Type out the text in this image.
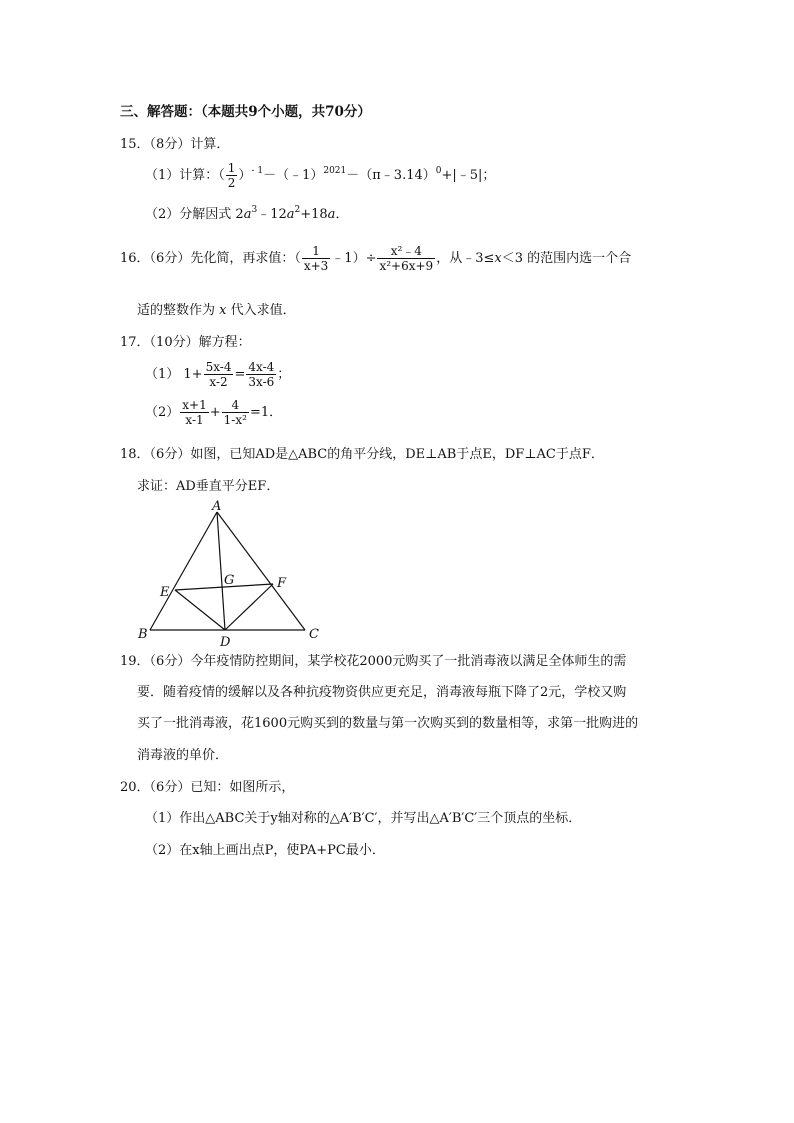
三、解答题：（本题共9个小题，共70分）
15．（8分）计算．
（1）计算：（ $\frac{1}{2}$ ）$^{- 1}$－（﹣1）$^{2021}$－（π﹣3.14）$^0$+|﹣5|；
（2）分解因式 $2a^3﹣12a^2+18a$．
16．（6分）先化简，再求值：（ $\frac{1}{x+3}$ ﹣1）÷ $\frac{\text{x²﹣4}}{\text{x²+6x+9}}$ ，从﹣3≤x＜3 的范围内选一个合
适的整数作为 x 代入求值．
17．（10分）解方程：
（1） $1+ \frac{5x-4}{x-2} = \frac{4x-4}{3x-6}$ ；
$(2) \frac{x+1}{x-1} + \frac{4}{\text{1-x²}} =1$．
18．（6分）如图，已知AD是△ABC的角平分线，DE⊥AB于点E，DF⊥AC于点F．
求证：AD垂直平分EF．
A
B	C
D
E
F
G
19．（6分）今年疫情防控期间，某学校花2000元购买了一批消毒液以满足全体师生的需
要．随着疫情的缓解以及各种抗疫物资供应更充足，消毒液每瓶下降了2元，学校又购
买了一批消毒液，花1600元购买到的数量与第一次购买到的数量相等，求第一批购进的
消毒液的单价．
20．（6分）已知：如图所示，
（1）作出△ABC关于y轴对称的△A′B′C′，并写出△A′B′C′三个顶点的坐标．
（2）在x轴上画出点P，使PA+PC最小．
